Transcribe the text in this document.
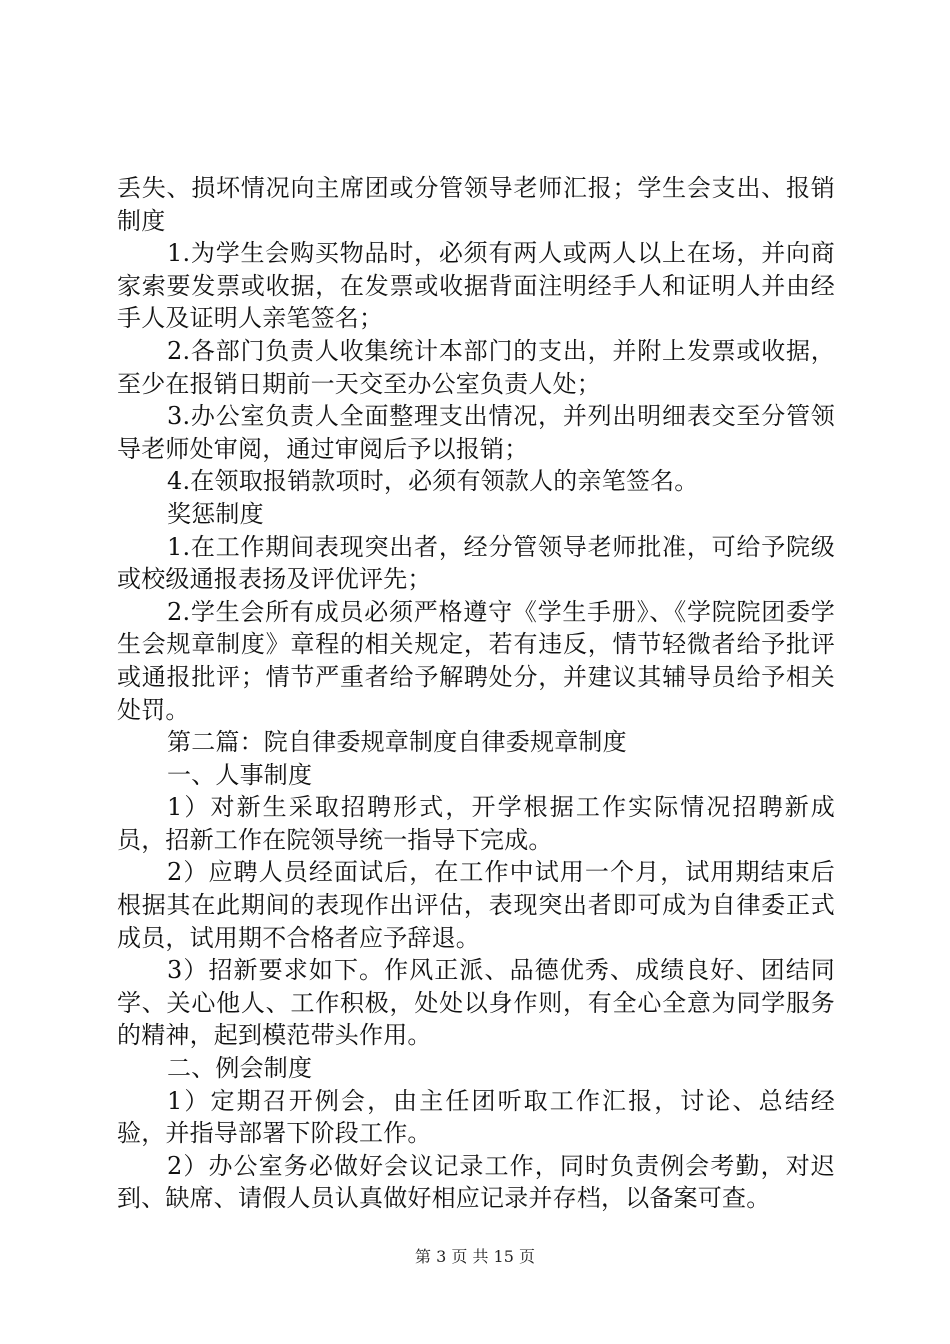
丢失、损坏情况向主席团或分管领导老师汇报；学生会支出、报销制度

1.为学生会购买物品时，必须有两人或两人以上在场，并向商家索要发票或收据，在发票或收据背面注明经手人和证明人并由经手人及证明人亲笔签名；

2.各部门负责人收集统计本部门的支出，并附上发票或收据，至少在报销日期前一天交至办公室负责人处；

3.办公室负责人全面整理支出情况，并列出明细表交至分管领导老师处审阅，通过审阅后予以报销；

4.在领取报销款项时，必须有领款人的亲笔签名。

奖惩制度

1.在工作期间表现突出者，经分管领导老师批准，可给予院级或校级通报表扬及评优评先；

2.学生会所有成员必须严格遵守《学生手册》、《学院院团委学生会规章制度》章程的相关规定，若有违反，情节轻微者给予批评或通报批评；情节严重者给予解聘处分，并建议其辅导员给予相关处罚。

第二篇：院自律委规章制度自律委规章制度

一、人事制度

1）对新生采取招聘形式，开学根据工作实际情况招聘新成员，招新工作在院领导统一指导下完成。

2）应聘人员经面试后，在工作中试用一个月，试用期结束后根据其在此期间的表现作出评估，表现突出者即可成为自律委正式成员，试用期不合格者应予辞退。

3）招新要求如下。作风正派、品德优秀、成绩良好、团结同学、关心他人、工作积极，处处以身作则，有全心全意为同学服务的精神，起到模范带头作用。

二、例会制度

1）定期召开例会，由主任团听取工作汇报，讨论、总结经验，并指导部署下阶段工作。

2）办公室务必做好会议记录工作，同时负责例会考勤，对迟到、缺席、请假人员认真做好相应记录并存档，以备案可查。

第 3 页 共 15 页
